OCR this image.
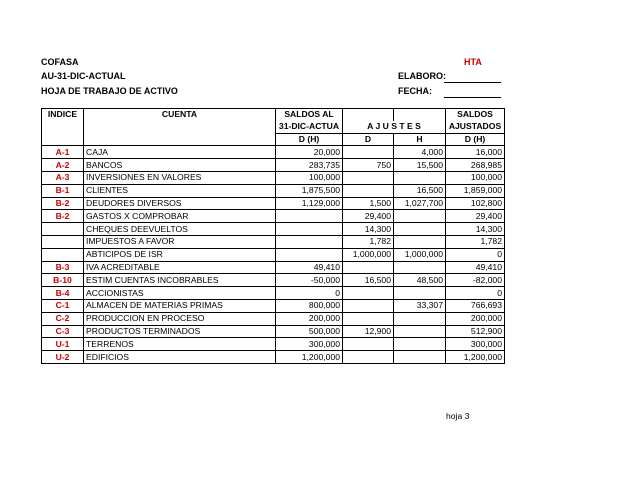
COFASA	HTA
AU-31-DIC-ACTUAL	ELABORO:
HOJA DE TRABAJO DE ACTIVO	FECHA:
INDICE	CUENTA	SALDOS AL			SALDOS
		31-DIC-ACTUA	A J U S T E S		AJUSTADOS
		D (H)	D	H	D (H)
A-1	CAJA	20,000		4,000	16,000
A-2	BANCOS	283,735	750	15,500	268,985
A-3	INVERSIONES EN VALORES	100,000			100,000
B-1	CLIENTES	1,875,500		16,500	1,859,000
B-2	DEUDORES DIVERSOS	1,129,000	1,500	1,027,700	102,800
B-2	GASTOS X COMPROBAR		29,400		29,400
	CHEQUES DEEVUELTOS		14,300		14,300
	IMPUESTOS A FAVOR		1,782		1,782
	ABTICIPOS DE ISR		1,000,000	1,000,000	0
B-3	IVA ACREDITABLE	49,410			49,410
B-10	ESTIM CUENTAS INCOBRABLES	-50,000	16,500	48,500	-82,000
B-4	ACCIONISTAS	0			0
C-1	ALMACEN DE MATERIAS PRIMAS	800,000		33,307	766,693
C-2	PRODUCCION EN PROCESO	200,000			200,000
C-3	PRODUCTOS TERMINADOS	500,000	12,900		512,900
U-1	TERRENOS	300,000			300,000
U-2	EDIFICIOS	1,200,000			1,200,000
hoja 3
